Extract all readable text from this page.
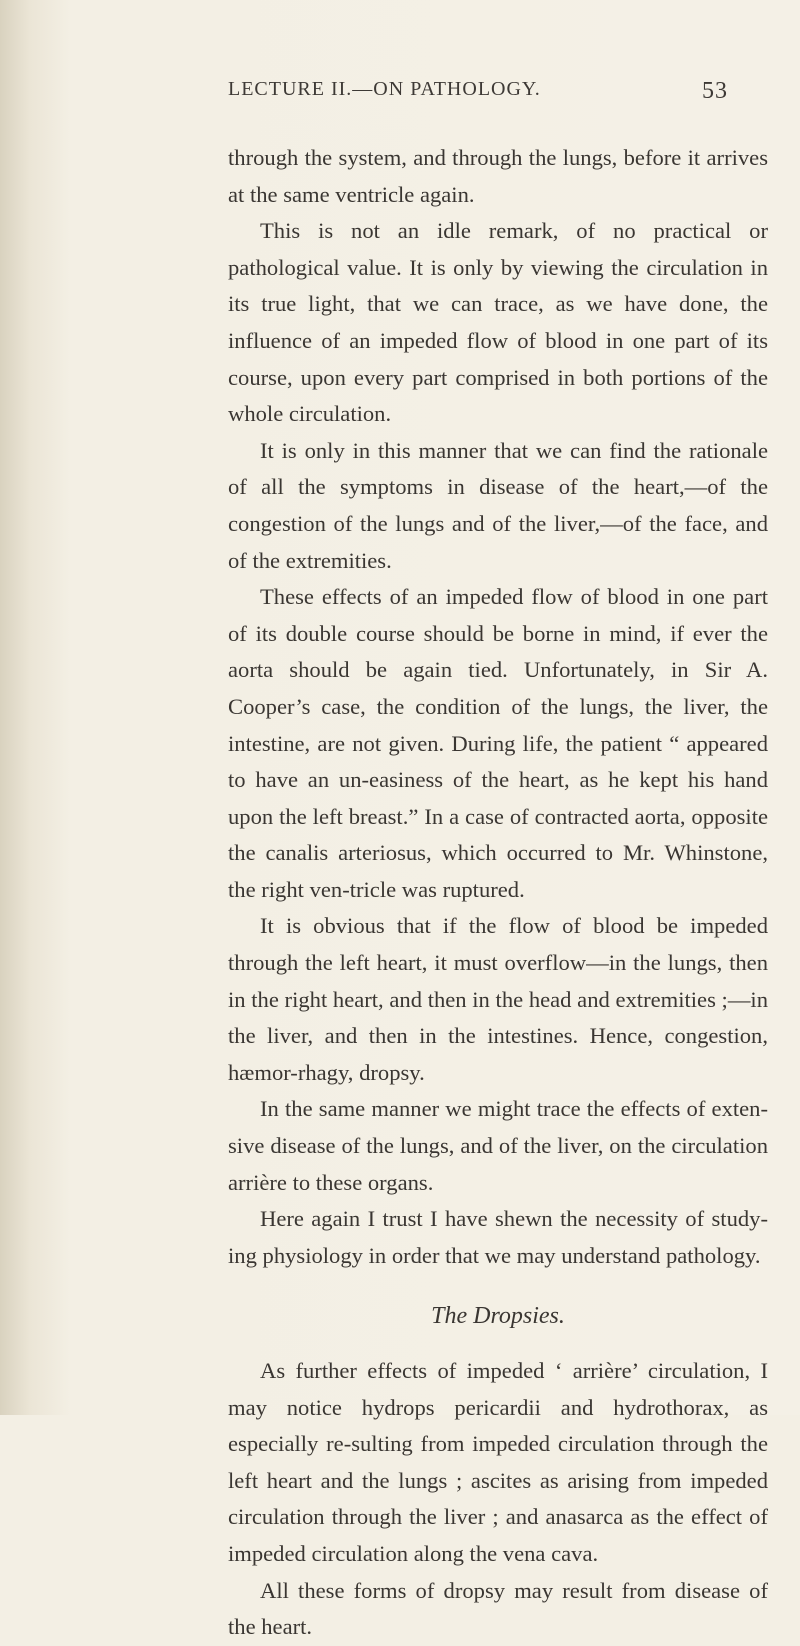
LECTURE II.—ON PATHOLOGY.	53

through the system, and through the lungs, before it arrives at the same ventricle again.

This is not an idle remark, of no practical or pathological value. It is only by viewing the circulation in its true light, that we can trace, as we have done, the influence of an impeded flow of blood in one part of its course, upon every part comprised in both portions of the whole circulation.

It is only in this manner that we can find the rationale of all the symptoms in disease of the heart,—of the congestion of the lungs and of the liver,—of the face, and of the extremities.

These effects of an impeded flow of blood in one part of its double course should be borne in mind, if ever the aorta should be again tied. Unfortunately, in Sir A. Cooper’s case, the condition of the lungs, the liver, the intestine, are not given. During life, the patient “ appeared to have an un-easiness of the heart, as he kept his hand upon the left breast.” In a case of contracted aorta, opposite the canalis arteriosus, which occurred to Mr. Whinstone, the right ven-tricle was ruptured.

It is obvious that if the flow of blood be impeded through the left heart, it must overflow—in the lungs, then in the right heart, and then in the head and extremities ;—in the liver, and then in the intestines. Hence, congestion, hæmor-rhagy, dropsy.

In the same manner we might trace the effects of exten-sive disease of the lungs, and of the liver, on the circulation arrière to these organs.

Here again I trust I have shewn the necessity of study-ing physiology in order that we may understand pathology.

The Dropsies.

As further effects of impeded ‘ arrière’ circulation, I may notice hydrops pericardii and hydrothorax, as especially re-sulting from impeded circulation through the left heart and the lungs ; ascites as arising from impeded circulation through the liver ; and anasarca as the effect of impeded circulation along the vena cava.

All these forms of dropsy may result from disease of the heart.
